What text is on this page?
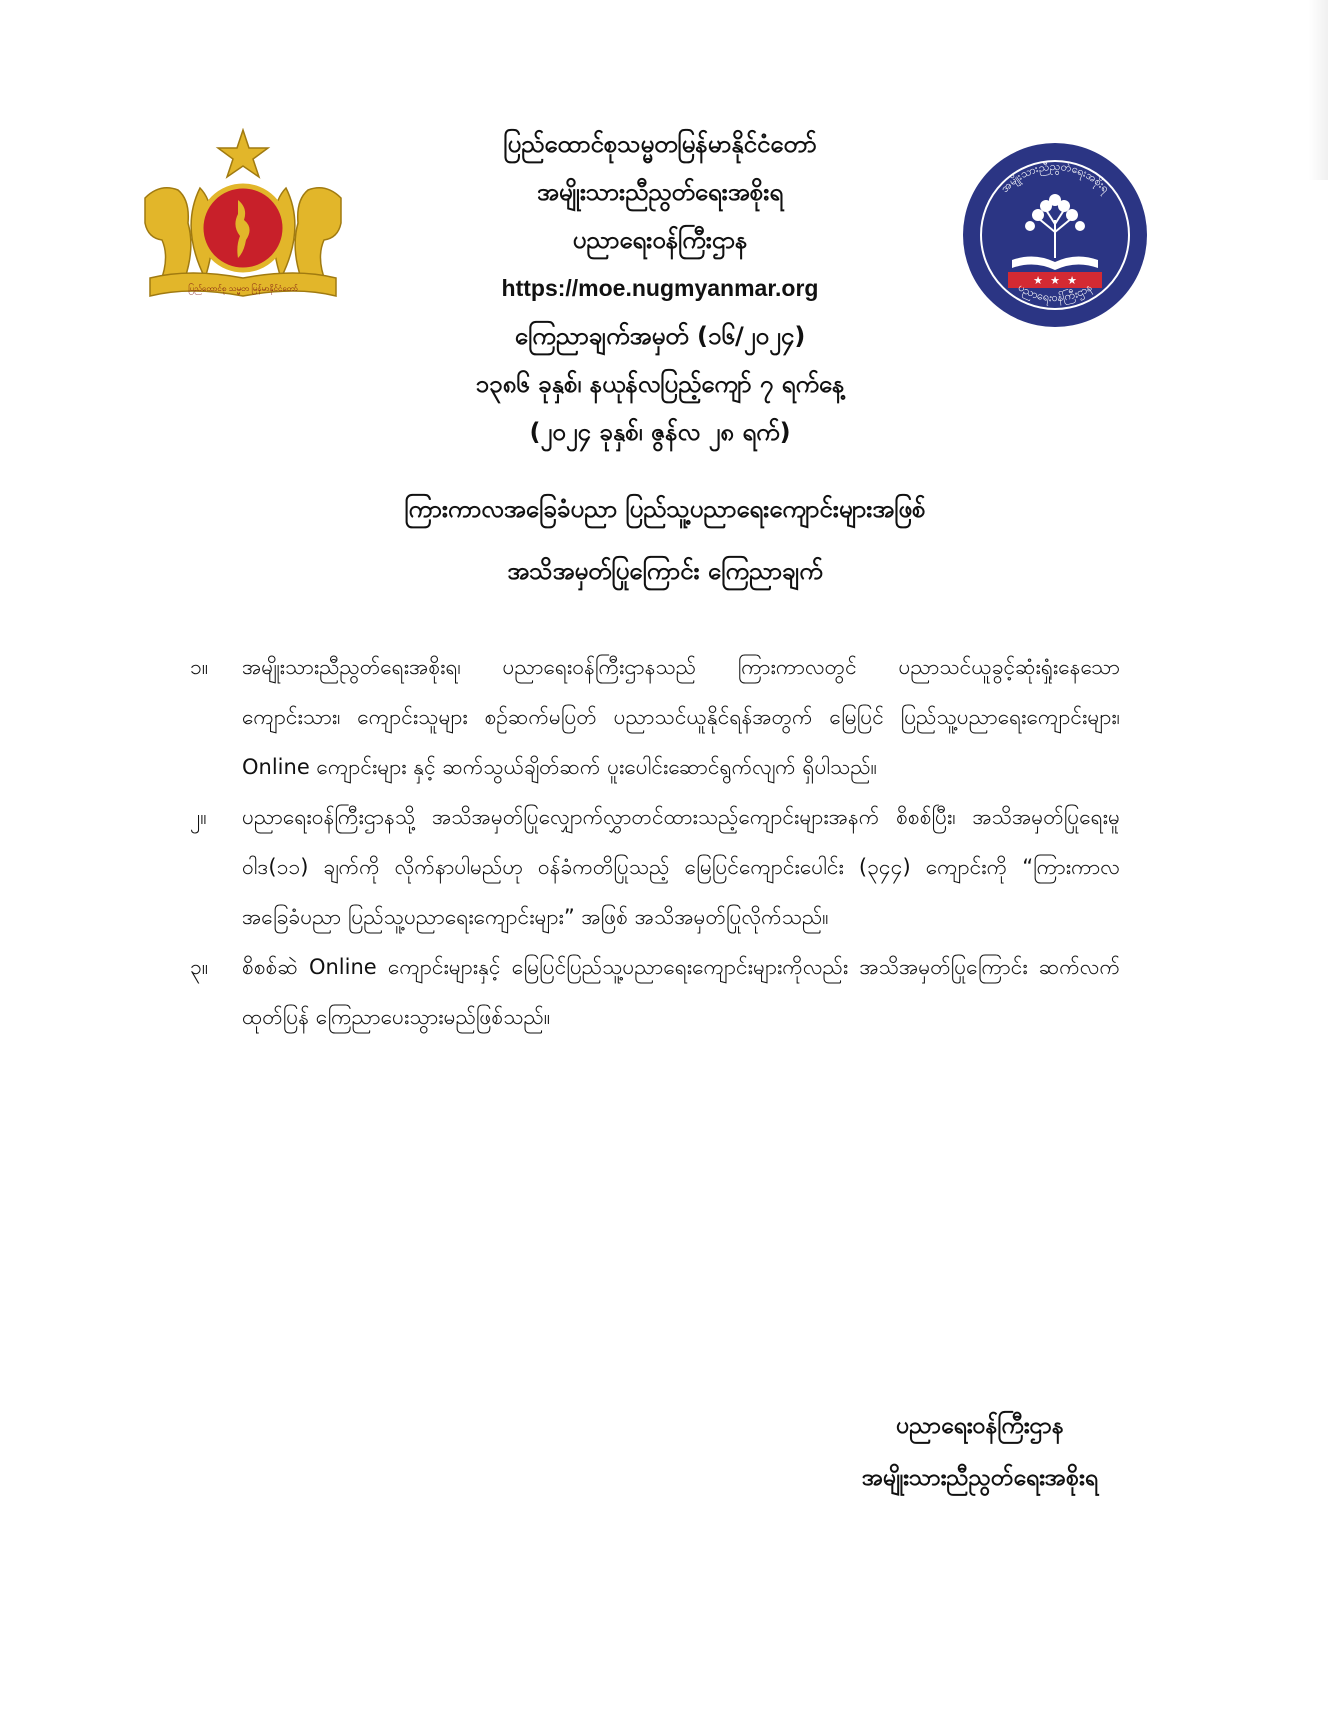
ပြည်ထောင်စု သမ္မတ မြန်မာနိုင်ငံတော်
ပြည်ထောင်စုသမ္မတမြန်မာနိုင်ငံတော်
အမျိုးသားညီညွတ်ရေးအစိုးရ
ပညာရေးဝန်ကြီးဌာန
https://moe.nugmyanmar.org
ကြေညာချက်အမှတ် (၁၆/၂၀၂၄)
၁၃၈၆ ခုနှစ်၊ နယုန်လပြည့်ကျော် ၇ ရက်နေ့
(၂၀၂၄ ခုနှစ်၊ ဇွန်လ ၂၈ ရက်)
အမျိုးသားညီညွတ်ရေးအစိုးရ
★ ★ ★
ပညာရေးဝန်ကြီးဌာန
ကြားကာလအခြေခံပညာ ပြည်သူ့ပညာရေးကျောင်းများအဖြစ်
အသိအမှတ်ပြုကြောင်း ကြေညာချက်
၁။ အမျိုးသားညီညွတ်ရေးအစိုးရ၊ ပညာရေးဝန်ကြီးဌာနသည် ကြားကာလတွင် ပညာသင်ယူခွင့်ဆုံးရှုံးနေသော ကျောင်းသား၊ ကျောင်းသူများ စဉ်ဆက်မပြတ် ပညာသင်ယူနိုင်ရန်အတွက် မြေပြင် ပြည်သူ့ပညာရေးကျောင်းများ၊ Online ကျောင်းများ နှင့် ဆက်သွယ်ချိတ်ဆက် ပူးပေါင်းဆောင်ရွက်လျက် ရှိပါသည်။
၂။ ပညာရေးဝန်ကြီးဌာနသို့ အသိအမှတ်ပြုလျှောက်လွှာတင်ထားသည့်ကျောင်းများအနက် စိစစ်ပြီး၊ အသိအမှတ်ပြုရေးမူဝါဒ(၁၁) ချက်ကို လိုက်နာပါမည်ဟု ဝန်ခံကတိပြုသည့် မြေပြင်ကျောင်းပေါင်း (၃၄၄) ကျောင်းကို “ကြားကာလအခြေခံပညာ ပြည်သူ့ပညာရေးကျောင်းများ” အဖြစ် အသိအမှတ်ပြုလိုက်သည်။
၃။ စိစစ်ဆဲ Online ကျောင်းများနှင့် မြေပြင်ပြည်သူ့ပညာရေးကျောင်းများကိုလည်း အသိအမှတ်ပြုကြောင်း ဆက်လက်ထုတ်ပြန် ကြေညာပေးသွားမည်ဖြစ်သည်။
ပညာရေးဝန်ကြီးဌာန
အမျိုးသားညီညွတ်ရေးအစိုးရ
